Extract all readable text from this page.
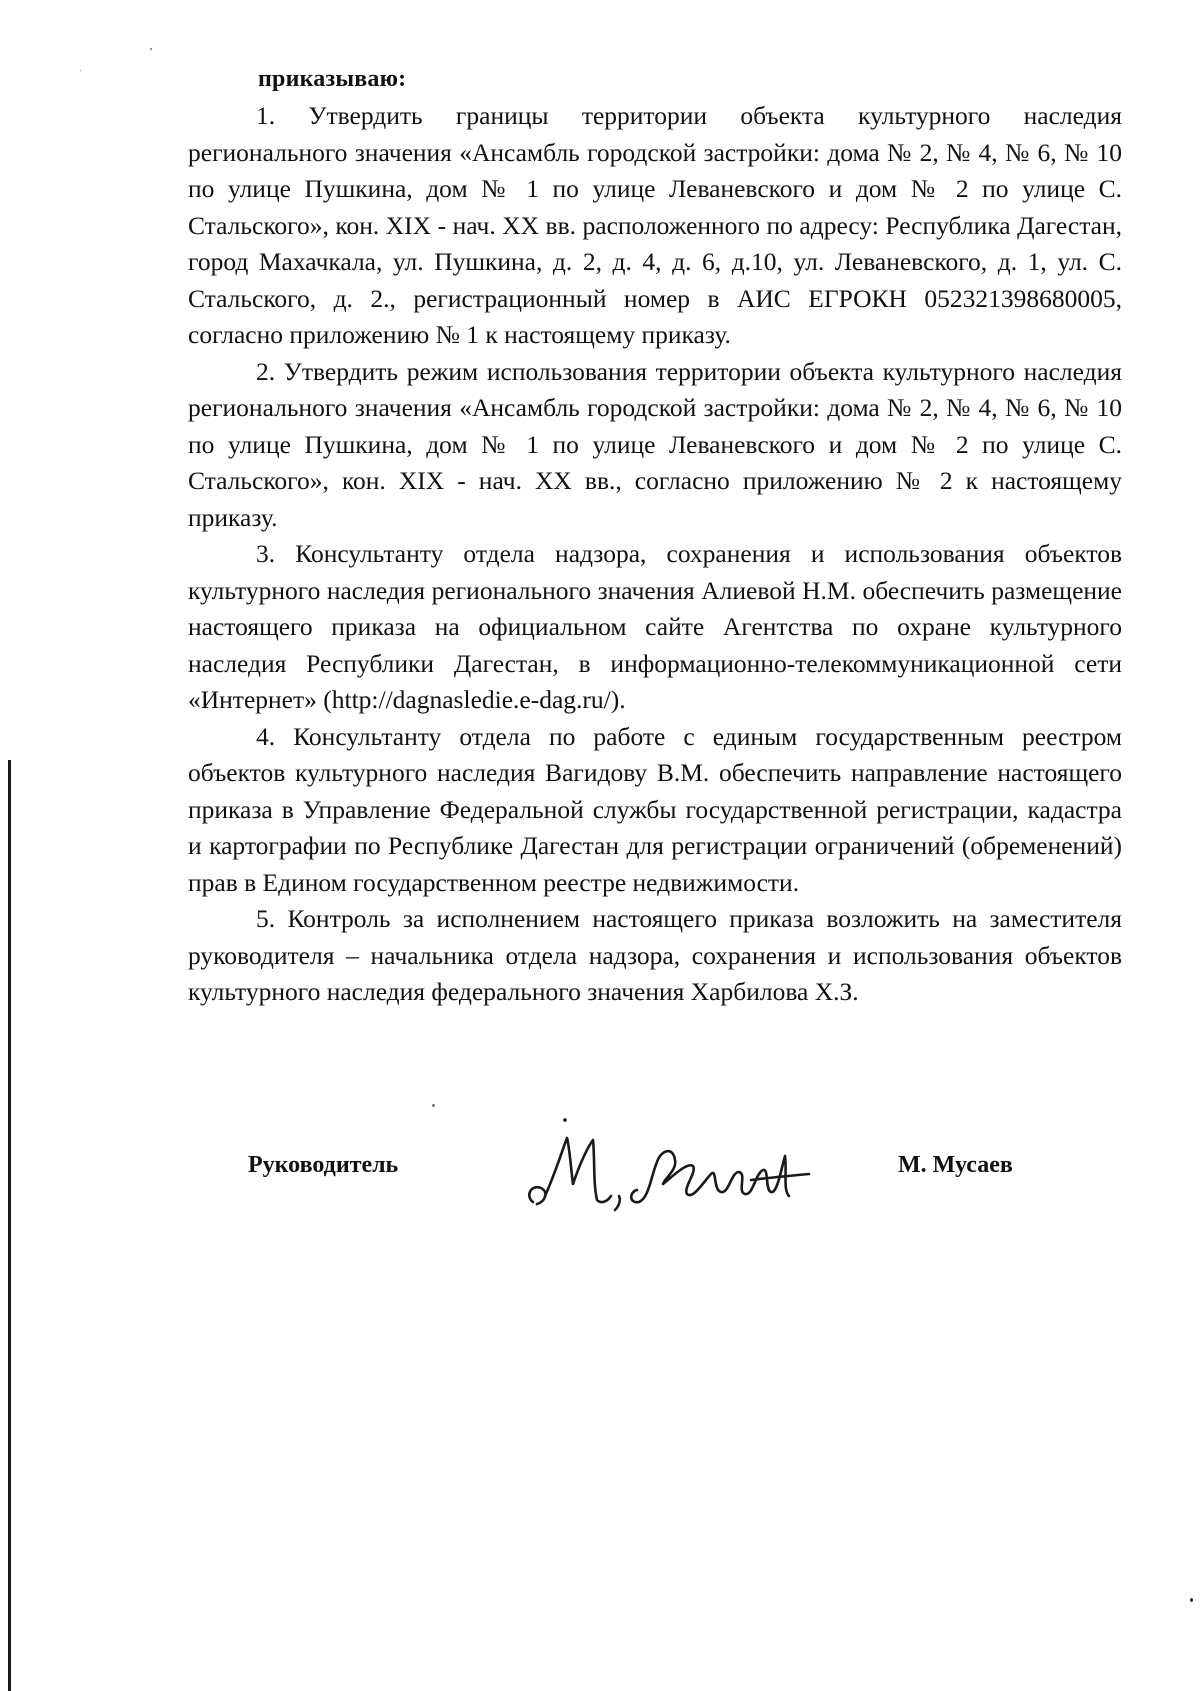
приказываю:

1. Утвердить границы территории объекта культурного наследия регионального значения «Ансамбль городской застройки: дома № 2, № 4, № 6, № 10 по улице Пушкина, дом № 1 по улице Леваневского и дом № 2 по улице С. Стальского», кон. XIX - нач. XX вв. расположенного по адресу: Республика Дагестан, город Махачкала, ул. Пушкина, д. 2, д. 4, д. 6, д.10, ул. Леваневского, д. 1, ул. С. Стальского, д. 2., регистрационный номер в АИС ЕГРОКН 052321398680005, согласно приложению № 1 к настоящему приказу.

2. Утвердить режим использования территории объекта культурного наследия регионального значения «Ансамбль городской застройки: дома № 2, № 4, № 6, № 10 по улице Пушкина, дом № 1 по улице Леваневского и дом № 2 по улице С. Стальского», кон. XIX - нач. XX вв., согласно приложению № 2 к настоящему приказу.

3. Консультанту отдела надзора, сохранения и использования объектов культурного наследия регионального значения Алиевой Н.М. обеспечить размещение настоящего приказа на официальном сайте Агентства по охране культурного наследия Республики Дагестан, в информационно-телекоммуникационной сети «Интернет» (http://dagnasledie.e-dag.ru/).

4. Консультанту отдела по работе с единым государственным реестром объектов культурного наследия Вагидову В.М. обеспечить направление настоящего приказа в Управление Федеральной службы государственной регистрации, кадастра и картографии по Республике Дагестан для регистрации ограничений (обременений) прав в Едином государственном реестре недвижимости.

5. Контроль за исполнением настоящего приказа возложить на заместителя руководителя – начальника отдела надзора, сохранения и использования объектов культурного наследия федерального значения Харбилова Х.З.

Руководитель	М. Мусаев
